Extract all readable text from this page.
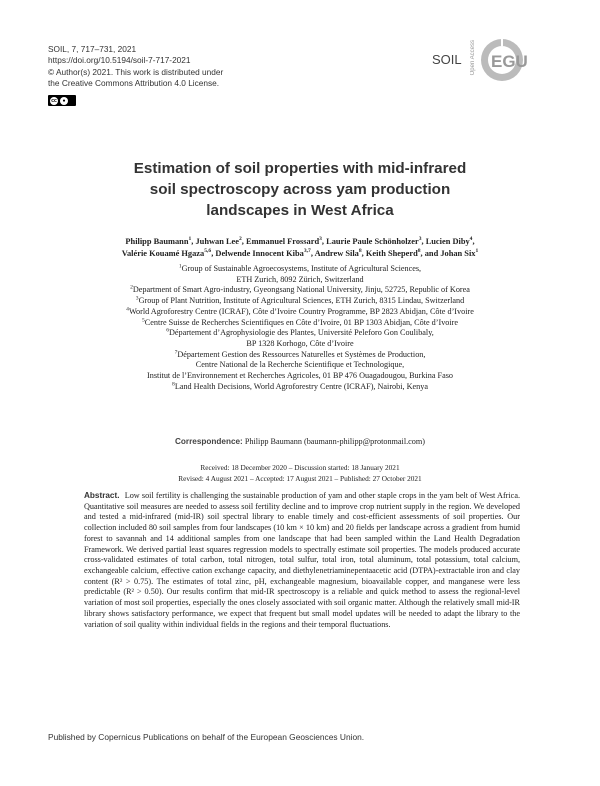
SOIL, 7, 717–731, 2021
https://doi.org/10.5194/soil-7-717-2021
© Author(s) 2021. This work is distributed under
the Creative Commons Attribution 4.0 License.
cc	●
SOIL Open Access EGU
Estimation of soil properties with mid-infrared
soil spectroscopy across yam production
landscapes in West Africa
Philipp Baumann$^1$, Juhwan Lee$^2$, Emmanuel Frossard$^3$, Laurie Paule Schönholzer$^3$, Lucien Diby$^4$,
Valérie Kouamé Hgaza$^{5,6}$, Delwende Innocent Kiba$^{3,7}$, Andrew Sila$^8$, Keith Sheperd$^8$, and Johan Six$^1$
$^1$Group of Sustainable Agroecosystems, Institute of Agricultural Sciences,
ETH Zurich, 8092 Zürich, Switzerland
$^2$Department of Smart Agro-industry, Gyeongsang National University, Jinju, 52725, Republic of Korea
$^3$Group of Plant Nutrition, Institute of Agricultural Sciences, ETH Zurich, 8315 Lindau, Switzerland
$^4$World Agroforestry Centre (ICRAF), Côte d’Ivoire Country Programme, BP 2823 Abidjan, Côte d’Ivoire
$^5$Centre Suisse de Recherches Scientifiques en Côte d’Ivoire, 01 BP 1303 Abidjan, Côte d’Ivoire
$^6$Département d’Agrophysiologie des Plantes, Université Peleforo Gon Coulibaly,
BP 1328 Korhogo, Côte d’Ivoire
$^7$Département Gestion des Ressources Naturelles et Systèmes de Production,
Centre National de la Recherche Scientifique et Technologique,
Institut de l’Environnement et Recherches Agricoles, 01 BP 476 Ouagadougou, Burkina Faso
$^8$Land Health Decisions, World Agroforestry Centre (ICRAF), Nairobi, Kenya
Correspondence: Philipp Baumann (baumann-philipp@protonmail.com)
Received: 18 December 2020 – Discussion started: 18 January 2021
Revised: 4 August 2021 – Accepted: 17 August 2021 – Published: 27 October 2021
Abstract. Low soil fertility is challenging the sustainable production of yam and other staple crops in the yam belt of West Africa. Quantitative soil measures are needed to assess soil fertility decline and to improve crop nutrient supply in the region. We developed and tested a mid-infrared (mid-IR) soil spectral library to enable timely and cost-efficient assessments of soil properties. Our collection included 80 soil samples from four landscapes (10 km × 10 km) and 20 fields per landscape across a gradient from humid forest to savannah and 14 additional samples from one landscape that had been sampled within the Land Health Degradation Framework. We derived partial least squares regression models to spectrally estimate soil properties. The models produced accurate cross-validated estimates of total carbon, total nitrogen, total sulfur, total iron, total aluminum, total potassium, total calcium, exchangeable calcium, effective cation exchange capacity, and diethylenetriaminepentaacetic acid (DTPA)-extractable iron and clay content (R² > 0.75). The estimates of total zinc, pH, exchangeable magnesium, bioavailable copper, and manganese were less predictable (R² > 0.50). Our results confirm that mid-IR spectroscopy is a reliable and quick method to assess the regional-level variation of most soil properties, especially the ones closely associated with soil organic matter. Although the relatively small mid-IR library shows satisfactory performance, we expect that frequent but small model updates will be needed to adapt the library to the variation of soil quality within individual fields in the regions and their temporal fluctuations.
Published by Copernicus Publications on behalf of the European Geosciences Union.
